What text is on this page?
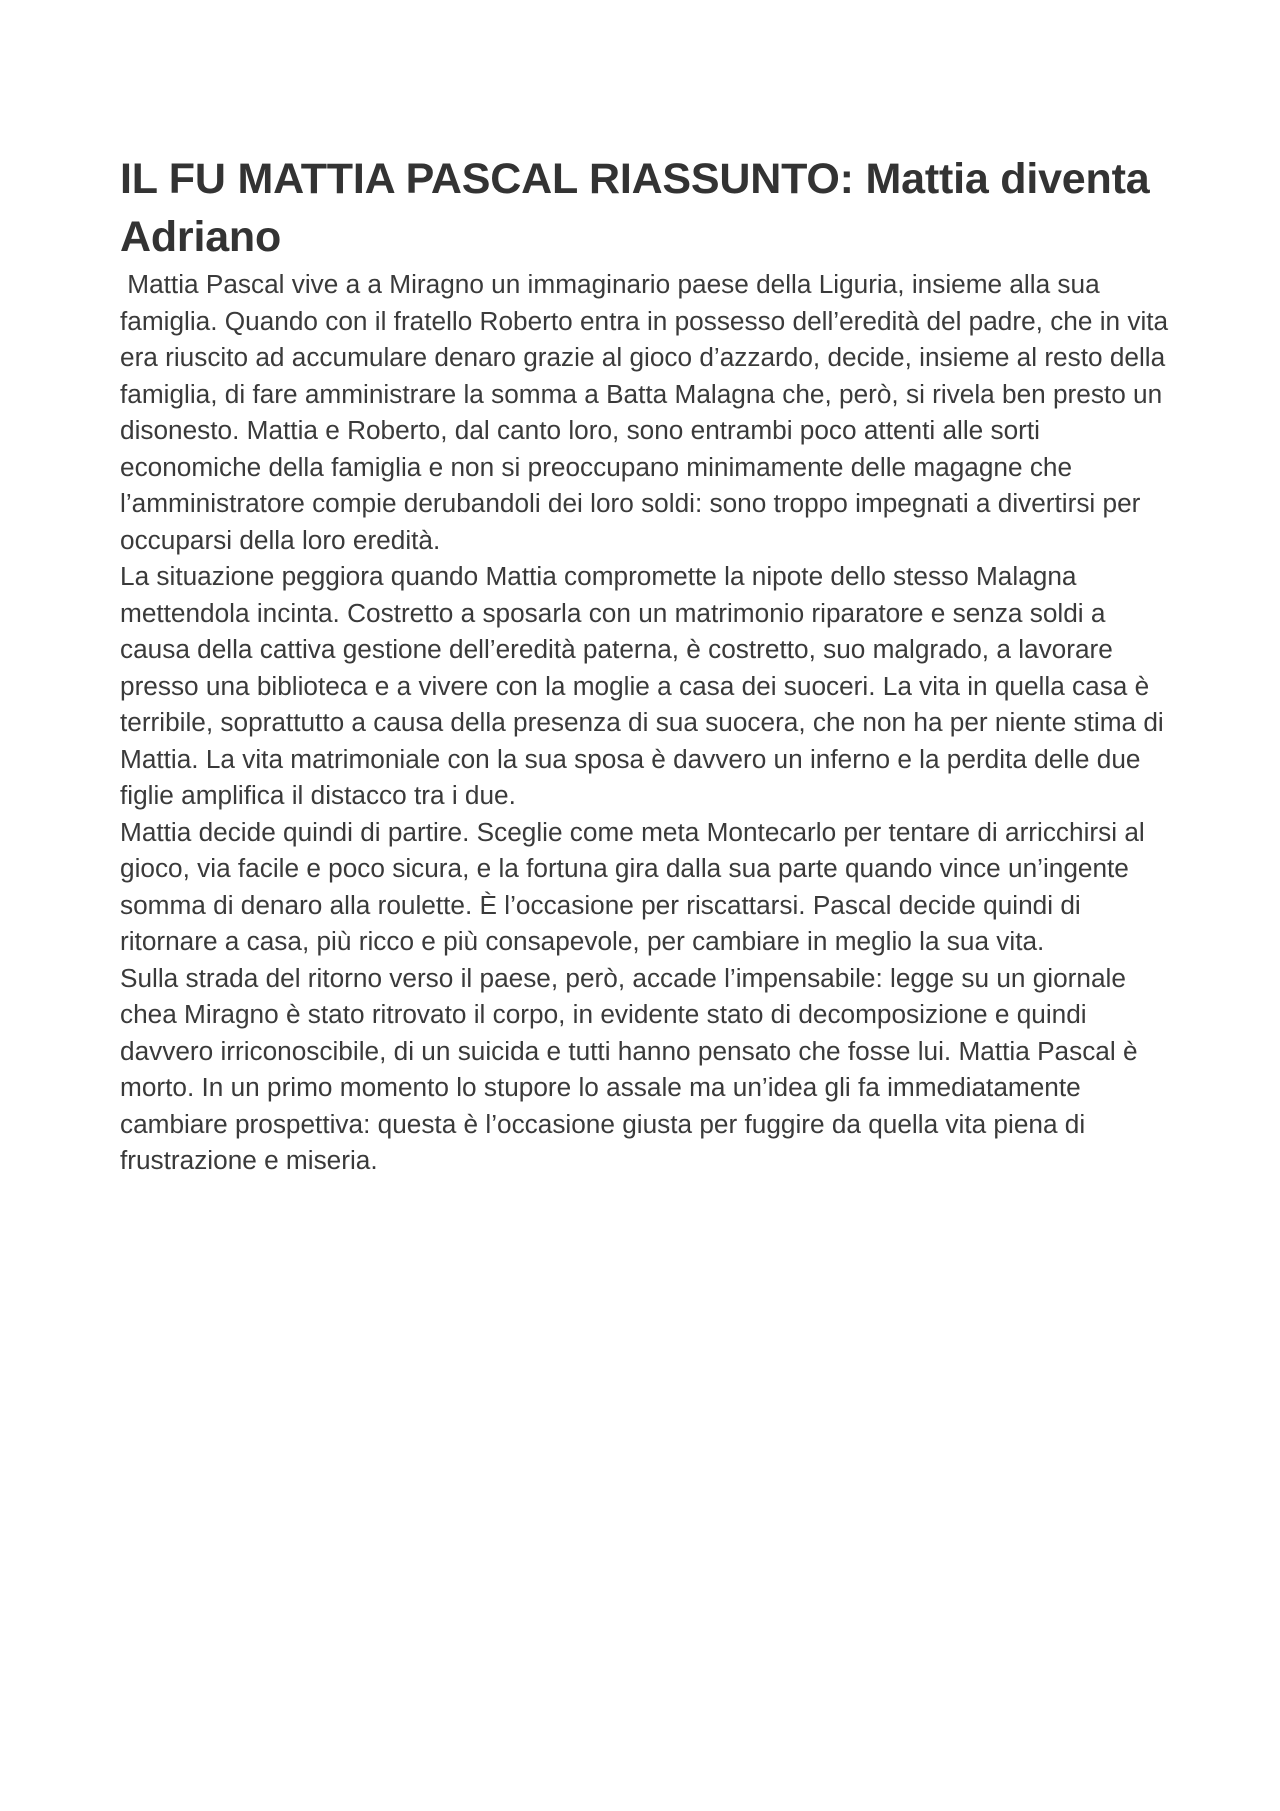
IL FU MATTIA PASCAL RIASSUNTO: Mattia diventa Adriano

Mattia Pascal vive a a Miragno un immaginario paese della Liguria, insieme alla sua famiglia. Quando con il fratello Roberto entra in possesso dell’eredità del padre, che in vita era riuscito ad accumulare denaro grazie al gioco d’azzardo, decide, insieme al resto della famiglia, di fare amministrare la somma a Batta Malagna che, però, si rivela ben presto un disonesto. Mattia e Roberto, dal canto loro, sono entrambi poco attenti alle sorti economiche della famiglia e non si preoccupano minimamente delle magagne che l’amministratore compie derubandoli dei loro soldi: sono troppo impegnati a divertirsi per occuparsi della loro eredità.

La situazione peggiora quando Mattia compromette la nipote dello stesso Malagna mettendola incinta. Costretto a sposarla con un matrimonio riparatore e senza soldi a causa della cattiva gestione dell’eredità paterna, è costretto, suo malgrado, a lavorare presso una biblioteca e a vivere con la moglie a casa dei suoceri. La vita in quella casa è terribile, soprattutto a causa della presenza di sua suocera, che non ha per niente stima di Mattia. La vita matrimoniale con la sua sposa è davvero un inferno e la perdita delle due figlie amplifica il distacco tra i due.

Mattia decide quindi di partire. Sceglie come meta Montecarlo per tentare di arricchirsi al gioco, via facile e poco sicura, e la fortuna gira dalla sua parte quando vince un’ingente somma di denaro alla roulette. È l’occasione per riscattarsi. Pascal decide quindi di ritornare a casa, più ricco e più consapevole, per cambiare in meglio la sua vita.

Sulla strada del ritorno verso il paese, però, accade l’impensabile: legge su un giornale chea Miragno è stato ritrovato il corpo, in evidente stato di decomposizione e quindi davvero irriconoscibile, di un suicida e tutti hanno pensato che fosse lui. Mattia Pascal è morto. In un primo momento lo stupore lo assale ma un’idea gli fa immediatamente cambiare prospettiva: questa è l’occasione giusta per fuggire da quella vita piena di frustrazione e miseria.
